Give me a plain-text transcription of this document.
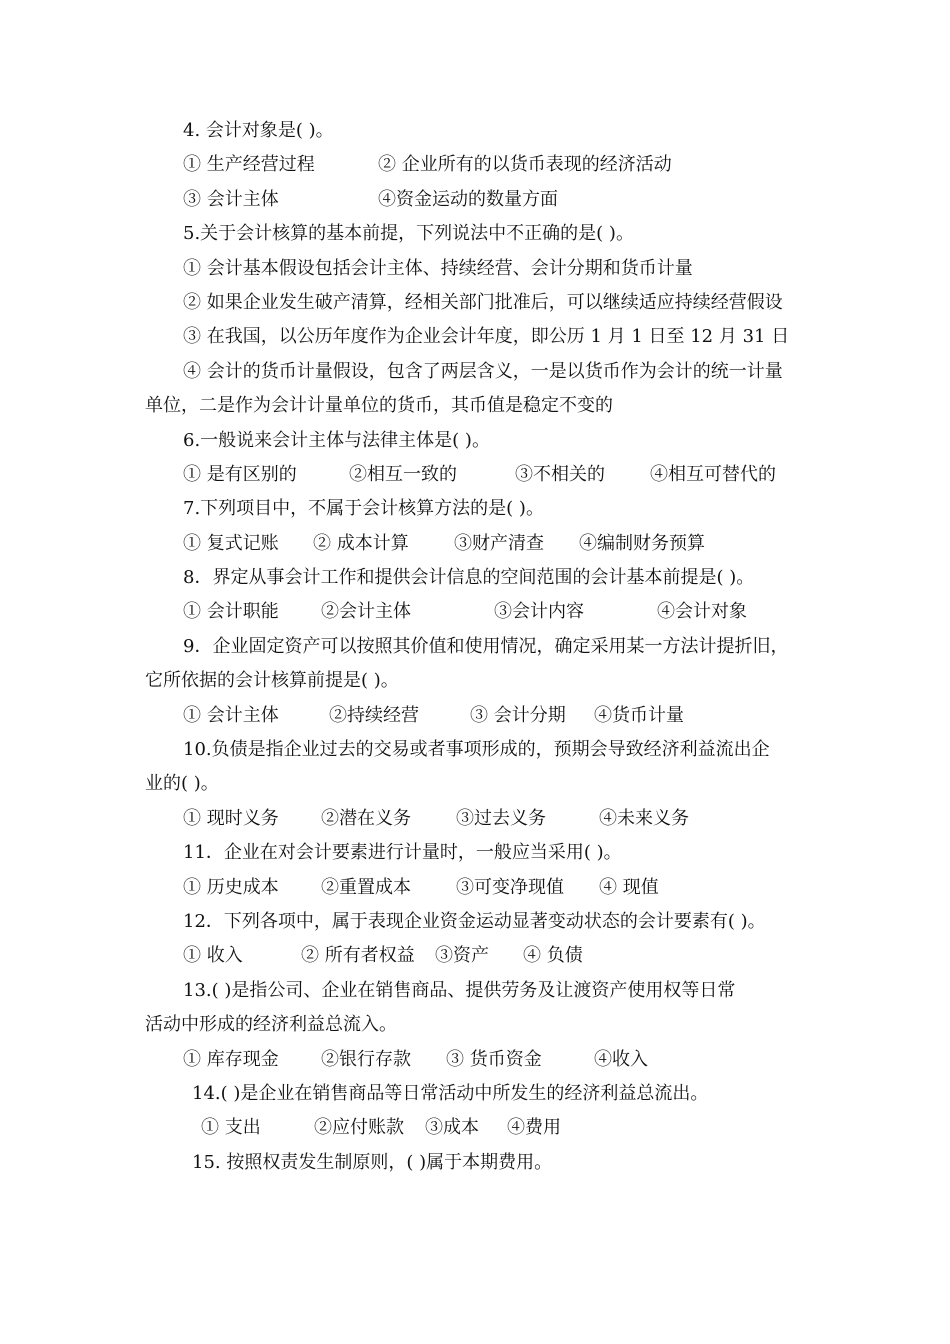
4. 会计对象是( )。
① 生产经营过程	② 企业所有的以货币表现的经济活动
③ 会计主体	④资金运动的数量方面
5.关于会计核算的基本前提，下列说法中不正确的是( )。
① 会计基本假设包括会计主体、持续经营、会计分期和货币计量
② 如果企业发生破产清算，经相关部门批准后，可以继续适应持续经营假设
③ 在我国，以公历年度作为企业会计年度，即公历 1 月 1 日至 12 月 31 日
④ 会计的货币计量假设，包含了两层含义，一是以货币作为会计的统一计量
单位，二是作为会计计量单位的货币，其币值是稳定不变的
6.一般说来会计主体与法律主体是( )。
① 是有区别的	②相互一致的	③不相关的	④相互可替代的
7.下列项目中，不属于会计核算方法的是( )。
① 复式记账 ② 成本计算	③财产清查 ④编制财务预算
8．界定从事会计工作和提供会计信息的空间范围的会计基本前提是( )。
① 会计职能 ②会计主体	③会计内容	④会计对象
9．企业固定资产可以按照其价值和使用情况，确定采用某一方法计提折旧，
它所依据的会计核算前提是( )。
① 会计主体	②持续经营	③ 会计分期 ④货币计量
10.负债是指企业过去的交易或者事项形成的，预期会导致经济利益流出企
业的( )。
① 现时义务 ②潜在义务	③过去义务	④未来义务
11．企业在对会计要素进行计量时，一般应当采用( )。
① 历史成本 ②重置成本	③可变净现值 ④ 现值
12．下列各项中，属于表现企业资金运动显著变动状态的会计要素有( )。
① 收入	② 所有者权益 ③资产 ④ 负债
13.( )是指公司、企业在销售商品、提供劳务及让渡资产使用权等日常
活动中形成的经济利益总流入。
① 库存现金 ②银行存款 ③ 货币资金	④收入
14.( )是企业在销售商品等日常活动中所发生的经济利益总流出。
① 支出	②应付账款 ③成本 ④费用
15. 按照权责发生制原则，( )属于本期费用。
